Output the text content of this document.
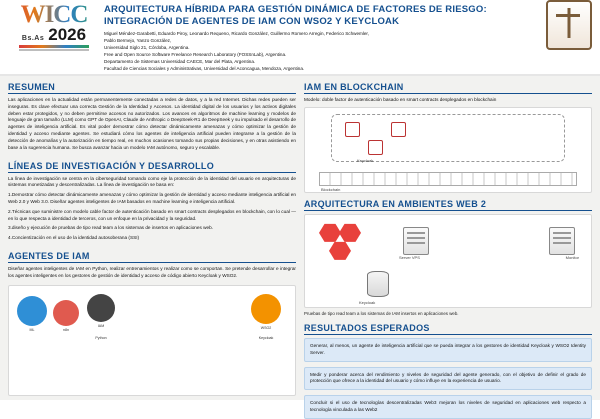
WICC
Bs.As 2026
ARQUITECTURA HÍBRIDA PARA GESTIÓN DINÁMICA DE FACTORES DE RIESGO: INTEGRACIÓN DE AGENTES DE IAM CON WSO2 Y KEYCLOAK
Miguel Méndez-Garabetti, Eduardo Piroy, Leonardo Requeno, Ricardo González, Guillermo Romero Arregin, Federico Schwemler,
Pablo Bermejo, Yanzo González,
Universidad Siglo 21, Córdoba, Argentina.
Free and Open Source Software Freelance Research Laboratory (FOSSnLab), Argentina.
Departamento de Sistemas Universidad CAECE, Mar del Plata, Argentina.
Facultad de Ciencias Sociales y Administrativas, Universidad del Aconcagua, Mendoza, Argentina.
RESUMEN

Las aplicaciones en la actualidad están permanentemente conectadas a redes de datos, y a la red Internet. Dichas redes pueden ser inseguras. Es clave efectuar una correcta Gestión de la Identidad y Accesos. La identidad digital de los usuarios y los activos digitales deben estar protegidos, y no deben permitirse accesos no autorizados. Los avances en algoritmos de machine learning y modelos de lenguaje de gran tamaño (LLM) como GPT de OpenAI, Claude de Anthropic o DeepSeek-R1 de DeepSeek y su impulsado el desarrollo de agentes de inteligencia artificial. Es vital poder demostrar cómo detectar dinámicamente amenazas y cómo optimizar la gestión de identidad y acceso mediante agentes. Se estudiará cómo los agentes de inteligencia artificial pueden integrarse a la gestión de la detección de anomalías y la autorización en tiempo real, en muchos ocasiones tomando sus propias decisiones, y en otras asistiendo en base a la sugerencia humana. Se busca avanzar hacia un modelo IAM autónomo, seguro y escalable.

LÍNEAS DE INVESTIGACIÓN Y DESARROLLO

La línea de investigación se centra en la ciberseguridad tomando como eje la protección de la identidad del usuario en arquitecturas de sistemas monetizadas y descentralizadas. La línea de investigación se basa en:

1.Demostrar cómo detectar dinámicamente amenazas y cómo optimizar la gestión de identidad y acceso mediante inteligencia artificial en Web 2.0 y Web 3.0. Diseñar agentes inteligentes de IAM basados en machine learning e inteligencia artificial.

2.Técnicas que suministre con modelo cable factor de autenticación basado en smart contracts desplegados en blockchain, con lo cual — en lo que respecta a identidad de terceros, con un enfoque en la privacidad y la seguridad.

3.diseño y ejecución de pruebas de tipo read team a los sistemas de insertos en aplicaciones web.

4.Concientización en el uso de la identidad autosoberana (SSI)

AGENTES DE IAM

Diseñar agentes inteligentes de IAM en Python, realizar entrenamientos y realizar como se comportan. Se pretende desarrollar e integrar los agentes inteligentes en los gestores de gestión de identidad y acceso de código abierto Keycloak y WSO2.

ML	n8n
IAM
Python
WSO2
Keycloak
IAM EN BLOCKCHAIN

Modelo: doble factor de autenticación basado en smart contracts desplegados en blockchain

Keycloak
Blockchain
ARQUITECTURA EN AMBIENTES WEB 2
Server VPS	Monitor
Keycloak
Pruebas de tipo read team a los sistemas de IAM insertos en aplicaciones web.
RESULTADOS ESPERADOS
Generar, al menos, un agente de inteligencia artificial que se pueda integrar a los gestores de identidad Keycloak y WSO2 Identity Server.
Medir y ponderar acerca del rendimiento y niveles de seguridad del agente generado, con el objetivo de definir el grado de protección que ofrece a la identidad del usuario y cómo influye en la experiencia de usuario.
Concluir si el uso de tecnologías descentralizadas Web3 mejoran los niveles de seguridad en aplicaciones web respecto a tecnología vinculada a las Web2
